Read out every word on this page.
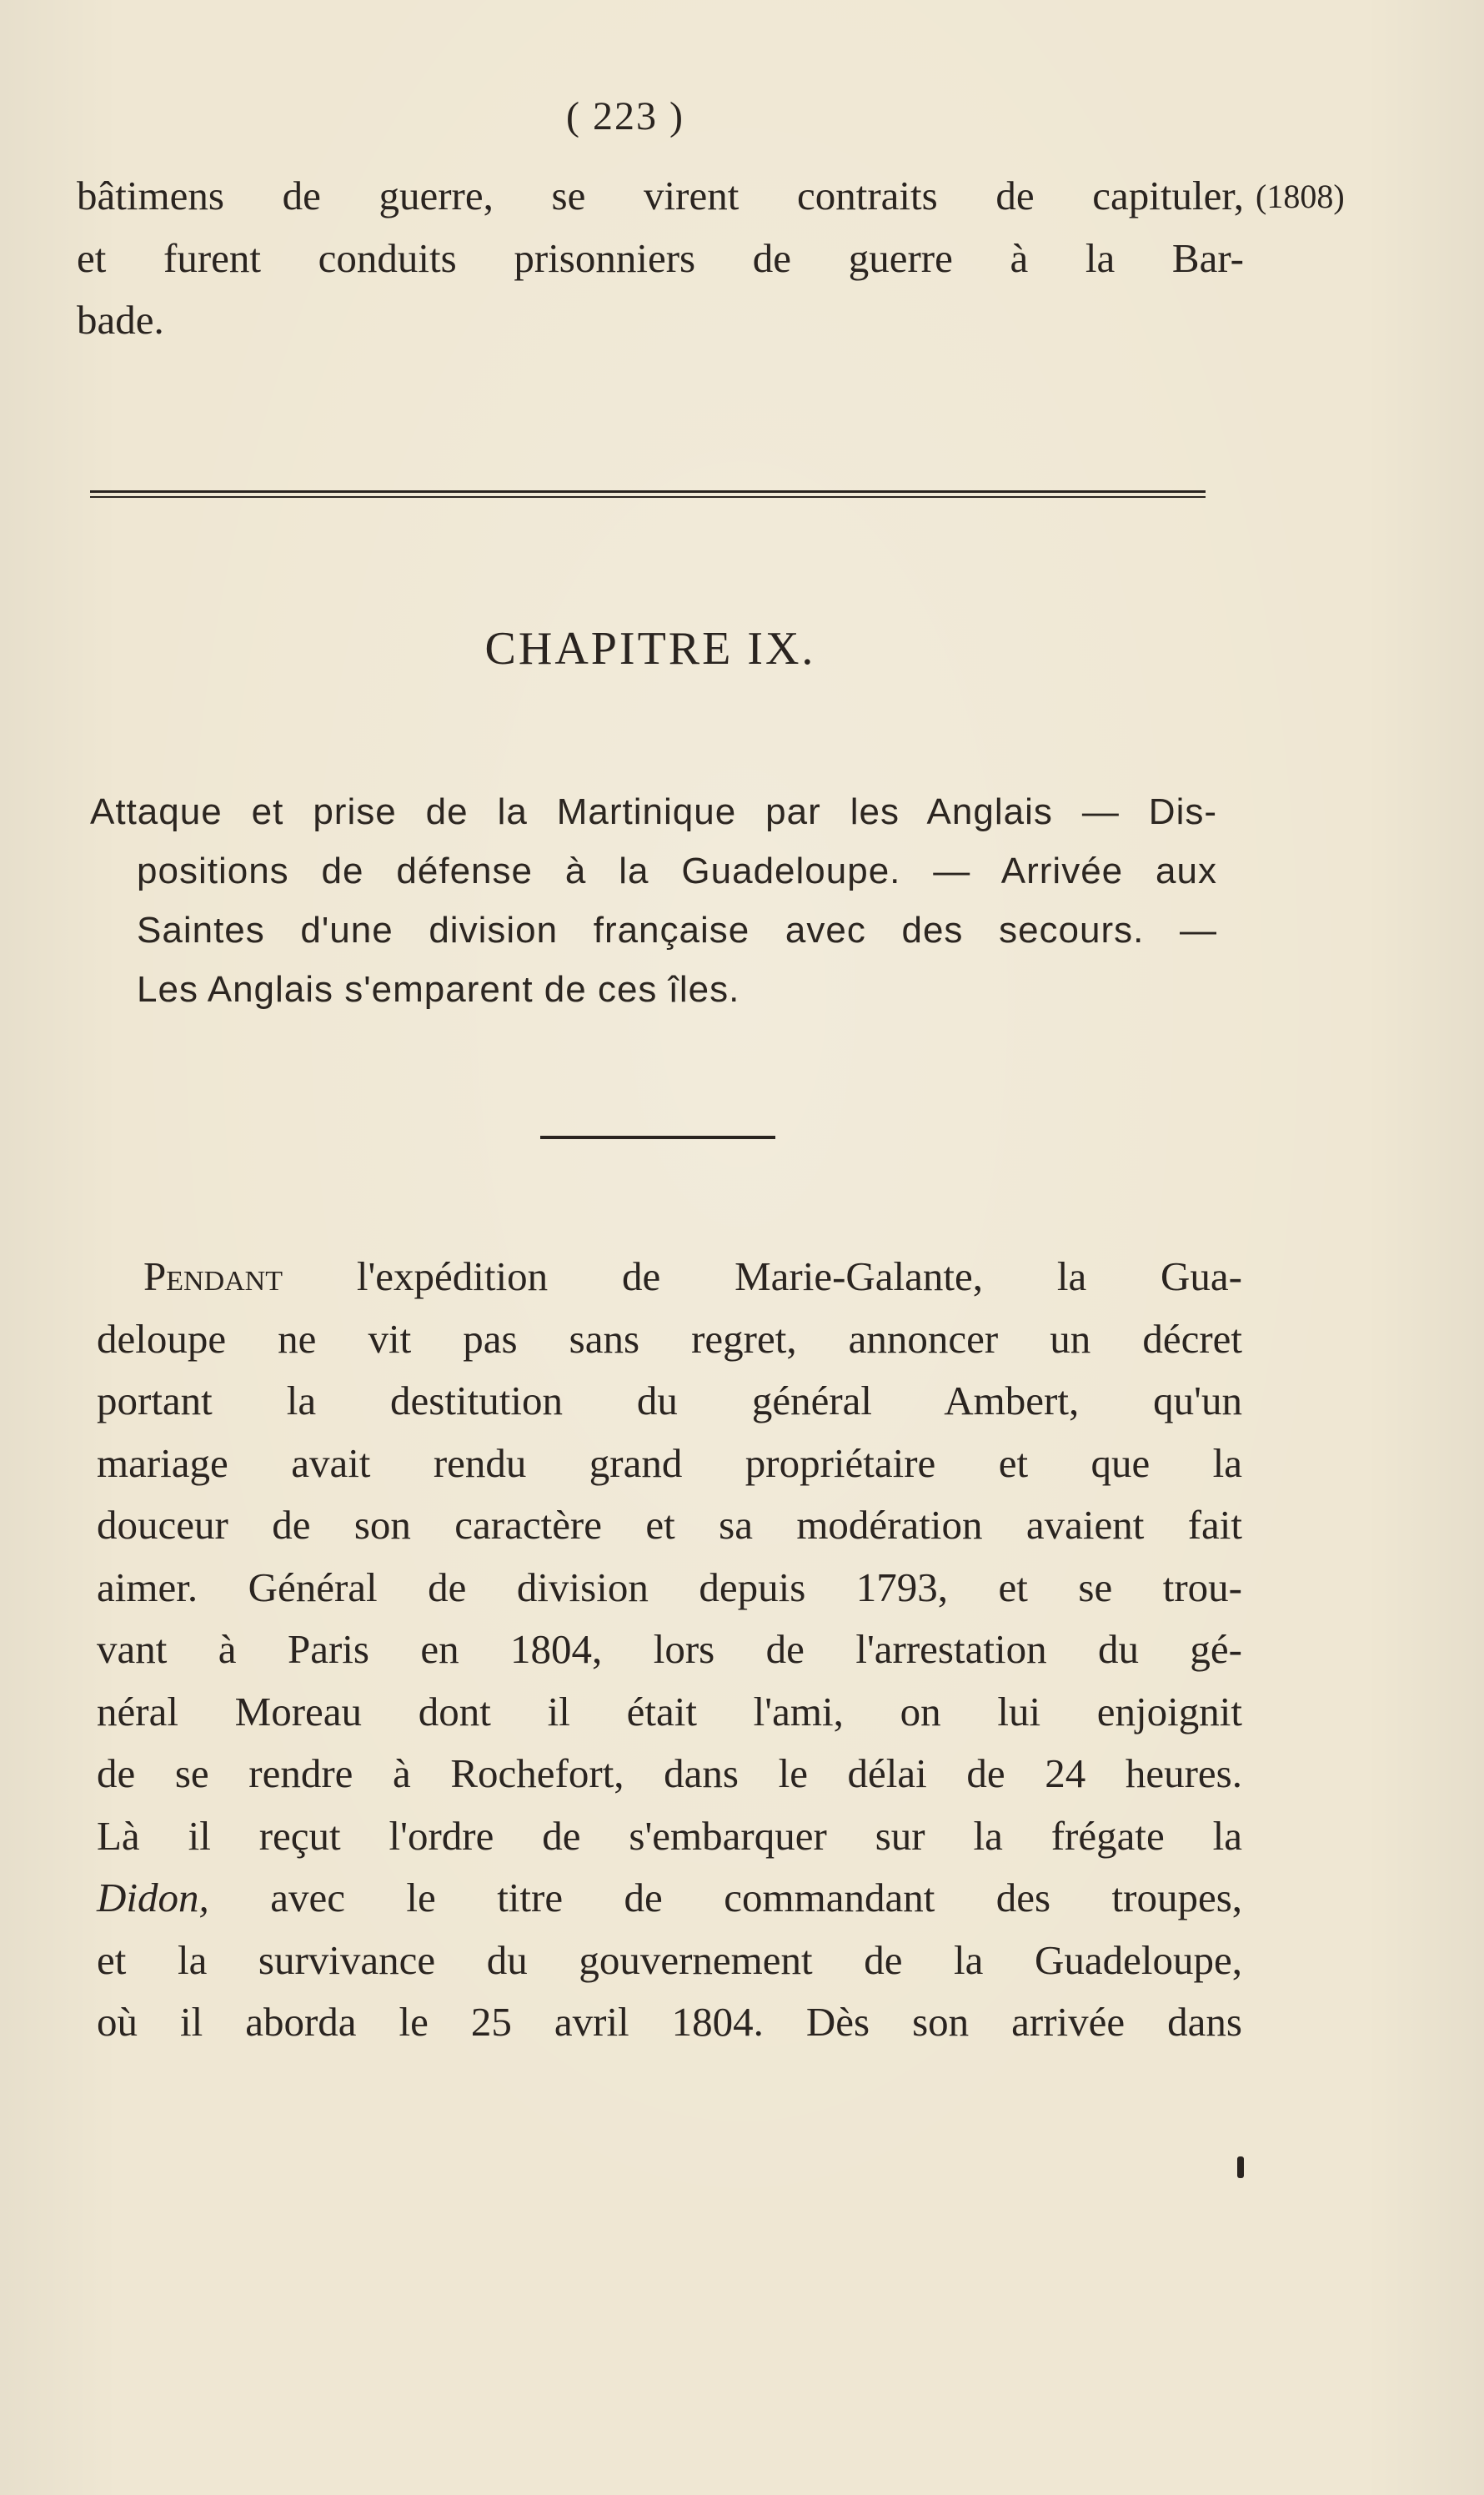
( 223 )
bâtimens de guerre, se virent contraits de capituler,
et furent conduits prisonniers de guerre à la Bar-
bade.
(1808)
CHAPITRE IX.
Attaque et prise de la Martinique par les Anglais — Dis-
positions de défense à la Guadeloupe. — Arrivée aux
Saintes d'une division française avec des secours. —
Les Anglais s'emparent de ces îles.
Pendant l'expédition de Marie-Galante, la Gua-
deloupe ne vit pas sans regret, annoncer un décret
portant la destitution du général Ambert, qu'un
mariage avait rendu grand propriétaire et que la
douceur de son caractère et sa modération avaient fait
aimer. Général de division depuis 1793, et se trou-
vant à Paris en 1804, lors de l'arrestation du gé-
néral Moreau dont il était l'ami, on lui enjoignit
de se rendre à Rochefort, dans le délai de 24 heures.
Là il reçut l'ordre de s'embarquer sur la frégate la
Didon, avec le titre de commandant des troupes,
et la survivance du gouvernement de la Guadeloupe,
où il aborda le 25 avril 1804. Dès son arrivée dans
